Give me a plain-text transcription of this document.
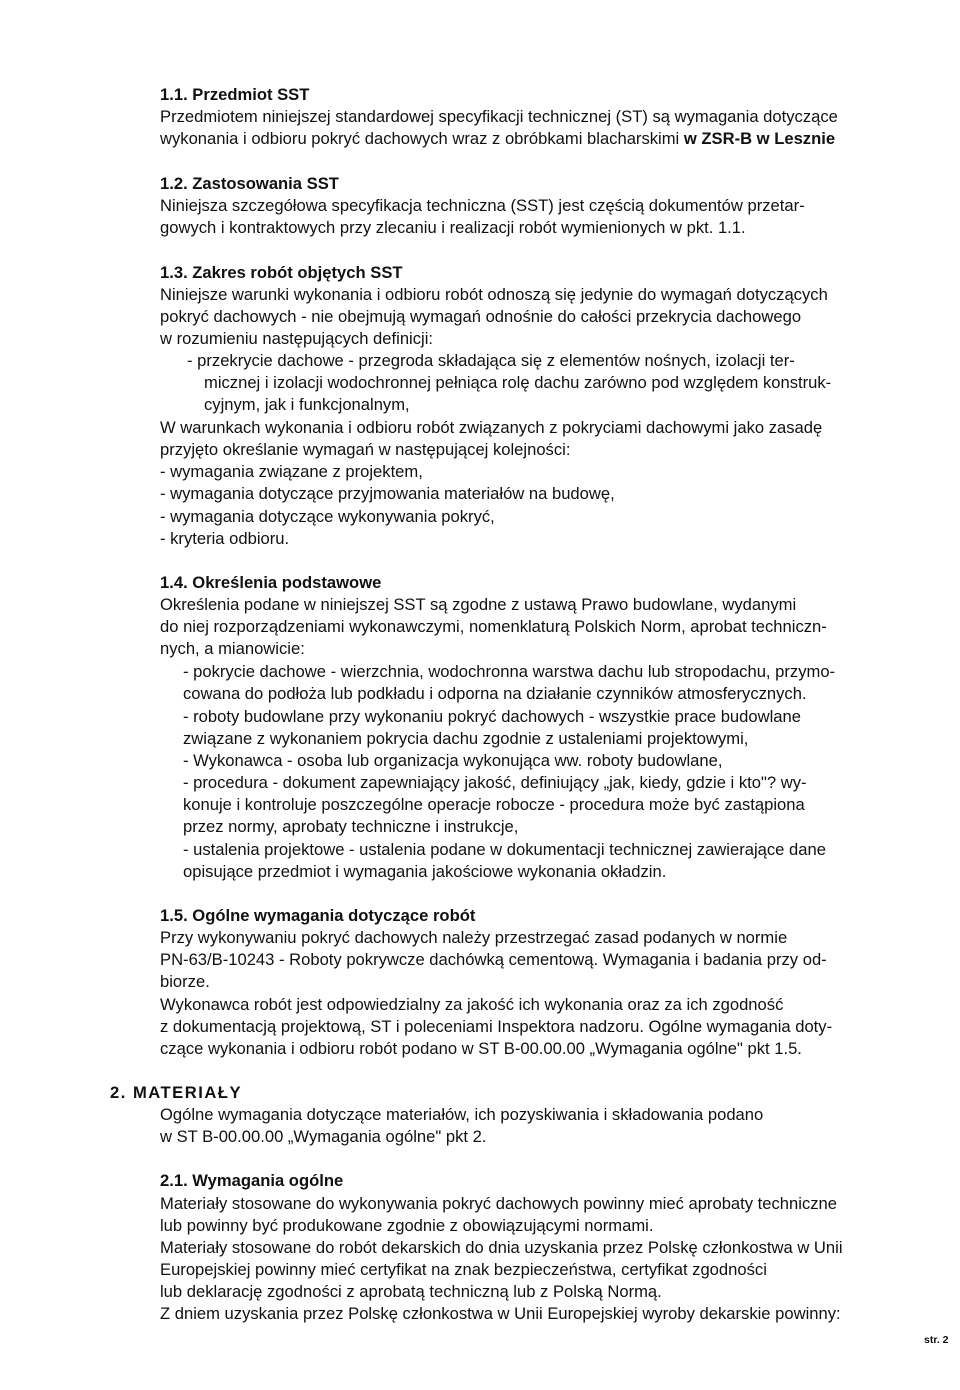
1.1. Przedmiot SST
Przedmiotem niniejszej standardowej specyfikacji technicznej (ST) są wymagania dotyczące
wykonania i odbioru pokryć dachowych wraz z obróbkami blacharskimi w ZSR-B w Lesznie
1.2. Zastosowania SST
Niniejsza szczegółowa specyfikacja techniczna (SST) jest częścią dokumentów przetar-
gowych i kontraktowych przy zlecaniu i realizacji robót wymienionych w pkt. 1.1.
1.3. Zakres robót objętych SST
Niniejsze warunki wykonania i odbioru robót odnoszą się jedynie do wymagań dotyczących
pokryć dachowych - nie obejmują wymagań odnośnie do całości przekrycia dachowego
w rozumieniu następujących definicji:
- przekrycie dachowe - przegroda składająca się z elementów nośnych, izolacji ter-
micznej i izolacji wodochronnej pełniąca rolę dachu zarówno pod względem konstruk-
cyjnym, jak i funkcjonalnym,
W warunkach wykonania i odbioru robót związanych z pokryciami dachowymi jako zasadę
przyjęto określanie wymagań w następującej kolejności:
- wymagania związane z projektem,
- wymagania dotyczące przyjmowania materiałów na budowę,
- wymagania dotyczące wykonywania pokryć,
- kryteria odbioru.
1.4. Określenia podstawowe
Określenia podane w niniejszej SST są zgodne z ustawą Prawo budowlane, wydanymi
do niej rozporządzeniami wykonawczymi, nomenklaturą Polskich Norm, aprobat techniczn-
nych, a mianowicie:
- pokrycie dachowe - wierzchnia, wodochronna warstwa dachu lub stropodachu, przymo-
cowana do podłoża lub podkładu i odporna na działanie czynników atmosferycznych.
- roboty budowlane przy wykonaniu pokryć dachowych - wszystkie prace budowlane
związane z wykonaniem pokrycia dachu zgodnie z ustaleniami projektowymi,
- Wykonawca - osoba lub organizacja wykonująca ww. roboty budowlane,
- procedura - dokument zapewniający jakość, definiujący „jak, kiedy, gdzie i kto"? wy-
konuje i kontroluje poszczególne operacje robocze - procedura może być zastąpiona
przez normy, aprobaty techniczne i instrukcje,
- ustalenia projektowe - ustalenia podane w dokumentacji technicznej zawierające dane
opisujące przedmiot i wymagania jakościowe wykonania okładzin.
1.5. Ogólne wymagania dotyczące robót
Przy wykonywaniu pokryć dachowych należy przestrzegać zasad podanych w normie
PN-63/B-10243 - Roboty pokrywcze dachówką cementową. Wymagania i badania przy od-
biorze.
Wykonawca robót jest odpowiedzialny za jakość ich wykonania oraz za ich zgodność
z dokumentacją projektową, ST i poleceniami Inspektora nadzoru. Ogólne wymagania doty-
czące wykonania i odbioru robót podano w ST B-00.00.00 „Wymagania ogólne" pkt 1.5.
2. MATERIAŁY
Ogólne wymagania dotyczące materiałów, ich pozyskiwania i składowania podano
w ST B-00.00.00 „Wymagania ogólne" pkt 2.
2.1. Wymagania ogólne
Materiały stosowane do wykonywania pokryć dachowych powinny mieć aprobaty techniczne
lub powinny być produkowane zgodnie z obowiązującymi normami.
Materiały stosowane do robót dekarskich do dnia uzyskania przez Polskę członkostwa w Unii
Europejskiej powinny mieć certyfikat na znak bezpieczeństwa, certyfikat zgodności
lub deklarację zgodności z aprobatą techniczną lub z Polską Normą.
Z dniem uzyskania przez Polskę członkostwa w Unii Europejskiej wyroby dekarskie powinny:
str. 2
